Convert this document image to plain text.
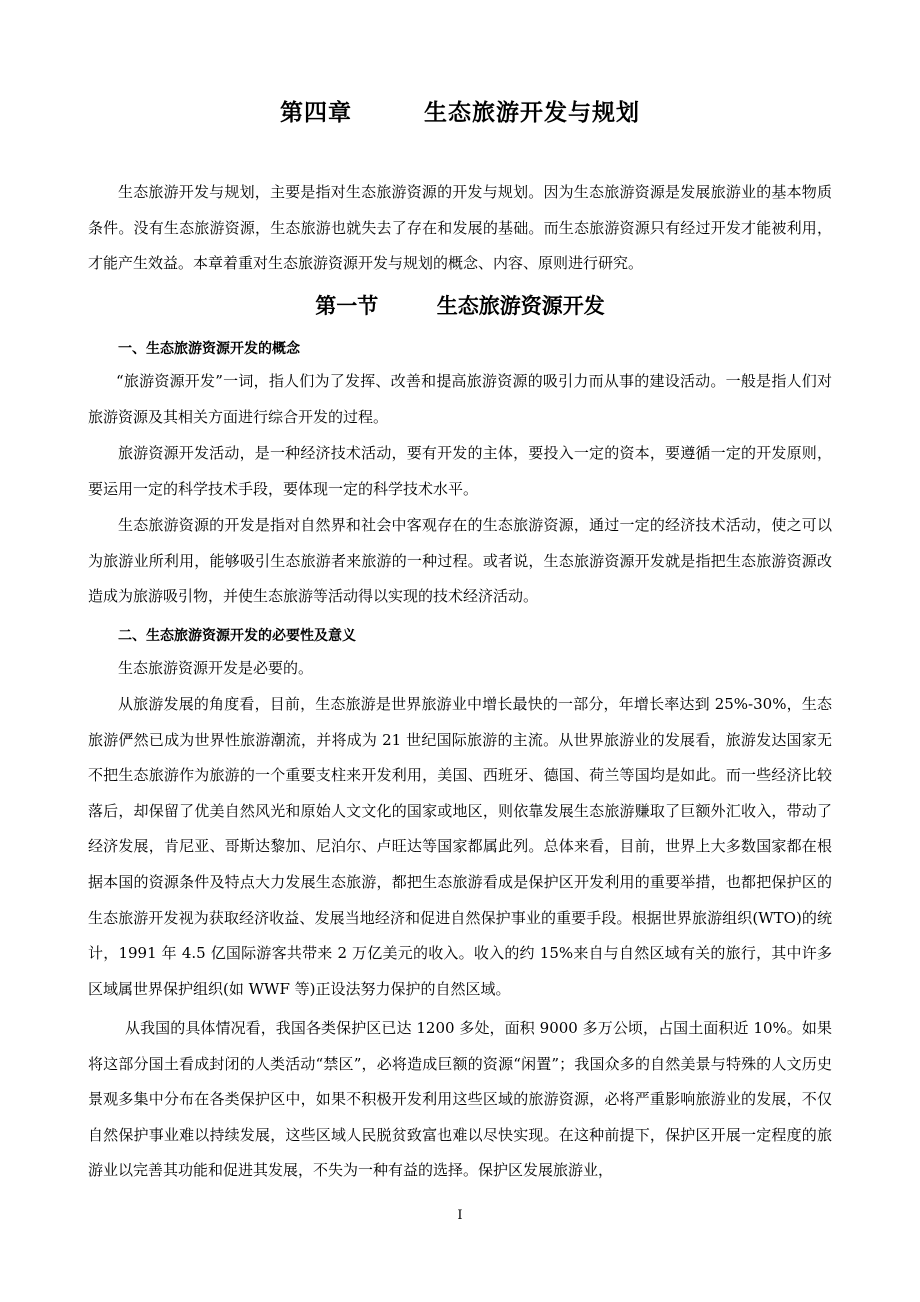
第四章        生态旅游开发与规划

生态旅游开发与规划，主要是指对生态旅游资源的开发与规划。因为生态旅游资源是发展旅游业的基本物质条件。没有生态旅游资源，生态旅游也就失去了存在和发展的基础。而生态旅游资源只有经过开发才能被利用，才能产生效益。本章着重对生态旅游资源开发与规划的概念、内容、原则进行研究。

第一节        生态旅游资源开发
一、生态旅游资源开发的概念

“旅游资源开发”一词，指人们为了发挥、改善和提高旅游资源的吸引力而从事的建设活动。一般是指人们对旅游资源及其相关方面进行综合开发的过程。

旅游资源开发活动，是一种经济技术活动，要有开发的主体，要投入一定的资本，要遵循一定的开发原则，要运用一定的科学技术手段，要体现一定的科学技术水平。

生态旅游资源的开发是指对自然界和社会中客观存在的生态旅游资源，通过一定的经济技术活动，使之可以为旅游业所利用，能够吸引生态旅游者来旅游的一种过程。或者说，生态旅游资源开发就是指把生态旅游资源改造成为旅游吸引物，并使生态旅游等活动得以实现的技术经济活动。

二、生态旅游资源开发的必要性及意义

生态旅游资源开发是必要的。

从旅游发展的角度看，目前，生态旅游是世界旅游业中增长最快的一部分，年增长率达到 25%-30%，生态旅游俨然已成为世界性旅游潮流，并将成为 21 世纪国际旅游的主流。从世界旅游业的发展看，旅游发达国家无不把生态旅游作为旅游的一个重要支柱来开发利用，美国、西班牙、德国、荷兰等国均是如此。而一些经济比较落后，却保留了优美自然风光和原始人文文化的国家或地区，则依靠发展生态旅游赚取了巨额外汇收入，带动了经济发展，肯尼亚、哥斯达黎加、尼泊尔、卢旺达等国家都属此列。总体来看，目前，世界上大多数国家都在根据本国的资源条件及特点大力发展生态旅游，都把生态旅游看成是保护区开发利用的重要举措，也都把保护区的生态旅游开发视为获取经济收益、发展当地经济和促进自然保护事业的重要手段。根据世界旅游组织(WTO)的统计，1991 年 4.5 亿国际游客共带来 2 万亿美元的收入。收入的约 15%来自与自然区域有关的旅行，其中许多区域属世界保护组织(如 WWF 等)正设法努力保护的自然区域。

从我国的具体情况看，我国各类保护区已达 1200 多处，面积 9000 多万公顷，占国土面积近 10%。如果将这部分国土看成封闭的人类活动“禁区”，必将造成巨额的资源“闲置”；我国众多的自然美景与特殊的人文历史景观多集中分布在各类保护区中，如果不积极开发利用这些区域的旅游资源，必将严重影响旅游业的发展，不仅自然保护事业难以持续发展，这些区域人民脱贫致富也难以尽快实现。在这种前提下，保护区开展一定程度的旅游业以完善其功能和促进其发展，不失为一种有益的选择。保护区发展旅游业，

I
